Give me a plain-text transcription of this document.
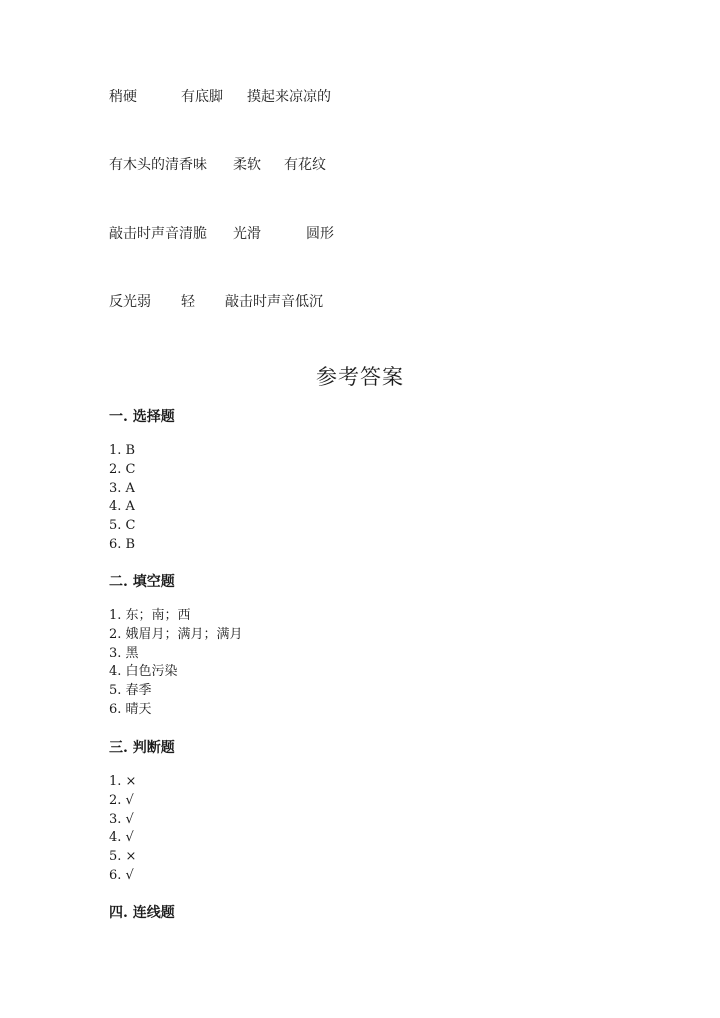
稍硬	有底脚 摸起来凉凉的
有木头的清香味 柔软 有花纹
敲击时声音清脆 光滑	圆形
反光弱 轻 敲击时声音低沉
参考答案
一. 选择题
1. B
2. C
3. A
4. A
5. C
6. B
二. 填空题
1. 东；南；西
2. 娥眉月；满月；满月
3. 黑
4. 白色污染
5. 春季
6. 晴天
三. 判断题
1. ×
2. √
3. √
4. √
5. ×
6. √
四. 连线题
